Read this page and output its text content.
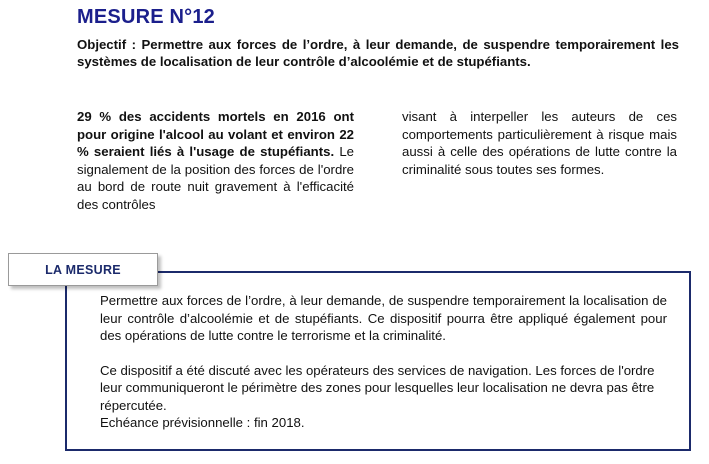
MESURE N°12
Objectif : Permettre aux forces de l’ordre, à leur demande, de suspendre temporairement les systèmes de localisation de leur contrôle d’alcoolémie et de stupéfiants.
29 % des accidents mortels en 2016 ont pour origine l'alcool au volant et environ 22 % seraient liés à l'usage de stupéfiants. Le signalement de la position des forces de l'ordre au bord de route nuit gravement à l'efficacité des contrôles
visant à interpeller les auteurs de ces comportements particulièrement à risque mais aussi à celle des opérations de lutte contre la criminalité sous toutes ses formes.
LA MESURE

Permettre aux forces de l’ordre, à leur demande, de suspendre temporairement la localisation de leur contrôle d’alcoolémie et de stupéfiants. Ce dispositif pourra être appliqué également pour des opérations de lutte contre le terrorisme et la criminalité.

Ce dispositif a été discuté avec les opérateurs des services de navigation. Les forces de l'ordre leur communiqueront le périmètre des zones pour lesquelles leur localisation ne devra pas être répercutée.
Echéance prévisionnelle : fin 2018.
